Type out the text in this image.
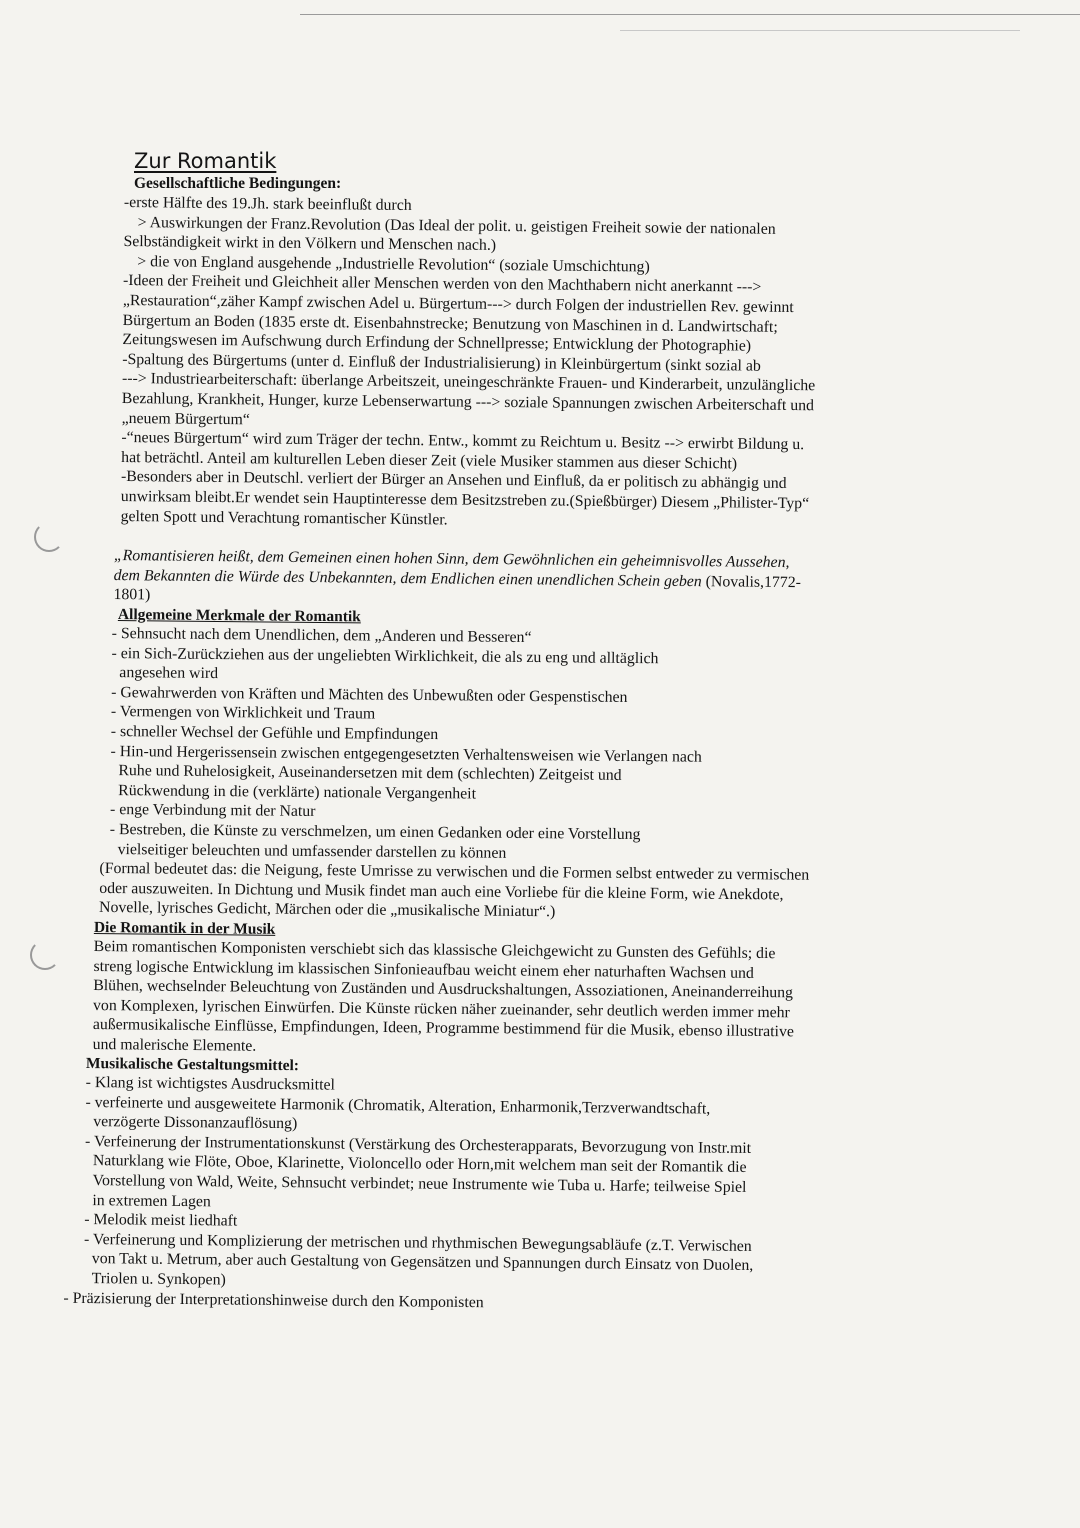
Zur Romantik
Gesellschaftliche Bedingungen:
-erste Hälfte des 19.Jh. stark beeinflußt durch
> Auswirkungen der Franz.Revolution (Das Ideal der polit. u. geistigen Freiheit sowie der nationalen
Selbständigkeit wirkt in den Völkern und Menschen nach.)
> die von England ausgehende „Industrielle Revolution“ (soziale Umschichtung)
-Ideen der Freiheit und Gleichheit aller Menschen werden von den Machthabern nicht anerkannt --->
„Restauration“,zäher Kampf zwischen Adel u. Bürgertum---> durch Folgen der industriellen Rev. gewinnt
Bürgertum an Boden (1835 erste dt. Eisenbahnstrecke; Benutzung von Maschinen in d. Landwirtschaft;
Zeitungswesen im Aufschwung durch Erfindung der Schnellpresse; Entwicklung der Photographie)
-Spaltung des Bürgertums (unter d. Einfluß der Industrialisierung) in Kleinbürgertum (sinkt sozial ab
---> Industriearbeiterschaft: überlange Arbeitszeit, uneingeschränkte Frauen- und Kinderarbeit, unzulängliche
Bezahlung, Krankheit, Hunger, kurze Lebenserwartung ---> soziale Spannungen zwischen Arbeiterschaft und
„neuem Bürgertum“
-“neues Bürgertum“ wird zum Träger der techn. Entw., kommt zu Reichtum u. Besitz --> erwirbt Bildung u.
hat beträchtl. Anteil am kulturellen Leben dieser Zeit (viele Musiker stammen aus dieser Schicht)
-Besonders aber in Deutschl. verliert der Bürger an Ansehen und Einfluß, da er politisch zu abhängig und
unwirksam bleibt.Er wendet sein Hauptinteresse dem Besitzstreben zu.(Spießbürger) Diesem „Philister-Typ“
gelten Spott und Verachtung romantischer Künstler.
„Romantisieren heißt, dem Gemeinen einen hohen Sinn, dem Gewöhnlichen ein geheimnisvolles Aussehen,
dem Bekannten die Würde des Unbekannten, dem Endlichen einen unendlichen Schein geben (Novalis,1772-
1801)
Allgemeine Merkmale der Romantik
- Sehnsucht nach dem Unendlichen, dem „Anderen und Besseren“
- ein Sich-Zurückziehen aus der ungeliebten Wirklichkeit, die als zu eng und alltäglich
angesehen wird
- Gewahrwerden von Kräften und Mächten des Unbewußten oder Gespenstischen
- Vermengen von Wirklichkeit und Traum
- schneller Wechsel der Gefühle und Empfindungen
- Hin-und Hergerissensein zwischen entgegengesetzten Verhaltensweisen wie Verlangen nach
Ruhe und Ruhelosigkeit, Auseinandersetzen mit dem (schlechten) Zeitgeist und
Rückwendung in die (verklärte) nationale Vergangenheit
- enge Verbindung mit der Natur
- Bestreben, die Künste zu verschmelzen, um einen Gedanken oder eine Vorstellung
vielseitiger beleuchten und umfassender darstellen zu können
(Formal bedeutet das: die Neigung, feste Umrisse zu verwischen und die Formen selbst entweder zu vermischen
oder auszuweiten. In Dichtung und Musik findet man auch eine Vorliebe für die kleine Form, wie Anekdote,
Novelle, lyrisches Gedicht, Märchen oder die „musikalische Miniatur“.)
Die Romantik in der Musik
Beim romantischen Komponisten verschiebt sich das klassische Gleichgewicht zu Gunsten des Gefühls; die
streng logische Entwicklung im klassischen Sinfonieaufbau weicht einem eher naturhaften Wachsen und
Blühen, wechselnder Beleuchtung von Zuständen und Ausdruckshaltungen, Assoziationen, Aneinanderreihung
von Komplexen, lyrischen Einwürfen. Die Künste rücken näher zueinander, sehr deutlich werden immer mehr
außermusikalische Einflüsse, Empfindungen, Ideen, Programme bestimmend für die Musik, ebenso illustrative
und malerische Elemente.
Musikalische Gestaltungsmittel:
- Klang ist wichtigstes Ausdrucksmittel
- verfeinerte und ausgeweitete Harmonik (Chromatik, Alteration, Enharmonik,Terzverwandtschaft,
verzögerte Dissonanzauflösung)
- Verfeinerung der Instrumentationskunst (Verstärkung des Orchesterapparats, Bevorzugung von Instr.mit
Naturklang wie Flöte, Oboe, Klarinette, Violoncello oder Horn,mit welchem man seit der Romantik die
Vorstellung von Wald, Weite, Sehnsucht verbindet; neue Instrumente wie Tuba u. Harfe; teilweise Spiel
in extremen Lagen
- Melodik meist liedhaft
- Verfeinerung und Komplizierung der metrischen und rhythmischen Bewegungsabläufe (z.T. Verwischen
von Takt u. Metrum, aber auch Gestaltung von Gegensätzen und Spannungen durch Einsatz von Duolen,
Triolen u. Synkopen)
- Präzisierung der Interpretationshinweise durch den Komponisten
